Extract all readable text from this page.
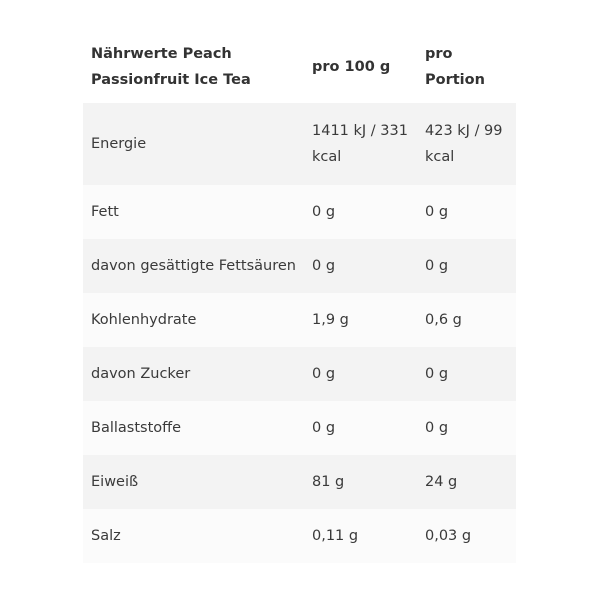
Nährwerte Peach Passionfruit Ice Tea	pro 100 g	pro Portion
Energie	1411 kJ / 331 kcal	423 kJ / 99 kcal
Fett	0 g	0 g
davon gesättigte Fettsäuren	0 g	0 g
Kohlenhydrate	1,9 g	0,6 g
davon Zucker	0 g	0 g
Ballaststoffe	0 g	0 g
Eiweiß	81 g	24 g
Salz	0,11 g	0,03 g
